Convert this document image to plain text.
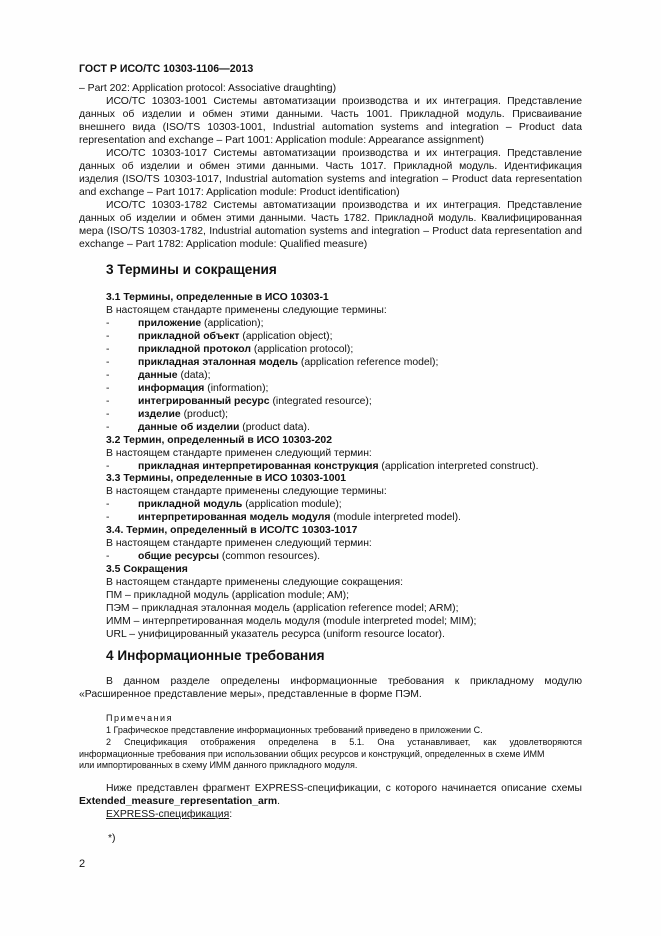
ГОСТ Р ИСО/ТС 10303-1106—2013
– Part 202: Application protocol: Associative draughting)
ИСО/ТС 10303-1001 Системы автоматизации производства и их интеграция. Представление
данных об изделии и обмен этими данными. Часть 1001. Прикладной модуль. Присваивание
внешнего вида (ISO/TS 10303-1001, Industrial automation systems and integration – Product data
representation and exchange – Part 1001: Application module: Appearance assignment)
ИСО/ТС 10303-1017 Системы автоматизации производства и их интеграция. Представление
данных об изделии и обмен этими данными. Часть 1017. Прикладной модуль. Идентификация
изделия (ISO/TS 10303-1017, Industrial automation systems and integration – Product data representation
and exchange – Part 1017: Application module: Product identification)
ИСО/ТС 10303-1782 Системы автоматизации производства и их интеграция. Представление
данных об изделии и обмен этими данными. Часть 1782. Прикладной модуль. Квалифицированная
мера (ISO/TS 10303-1782, Industrial automation systems and integration – Product data representation and
exchange – Part 1782: Application module: Qualified measure)
3 Термины и сокращения
3.1 Термины, определенные в ИСО 10303-1
В настоящем стандарте применены следующие термины:
-	приложение (application);
-	прикладной объект (application object);
-	прикладной протокол (application protocol);
-	прикладная эталонная модель (application reference model);
-	данные (data);
-	информация (information);
-	интегрированный ресурс (integrated resource);
-	изделие (product);
-	данные об изделии (product data).
3.2 Термин, определенный в ИСО 10303-202
В настоящем стандарте применен следующий термин:
-	прикладная интерпретированная конструкция (application interpreted construct).
3.3 Термины, определенные в ИСО 10303-1001
В настоящем стандарте применены следующие термины:
-	прикладной модуль (application module);
-	интерпретированная модель модуля (module interpreted model).
3.4. Термин, определенный в ИСО/ТС 10303-1017
В настоящем стандарте применен следующий термин:
-	общие ресурсы (common resources).
3.5 Сокращения
В настоящем стандарте применены следующие сокращения:
ПМ – прикладной модуль (application module; AM);
ПЭМ – прикладная эталонная модель (application reference model; ARM);
ИММ – интерпретированная модель модуля (module interpreted model; MIM);
URL – унифицированный указатель ресурса (uniform resource locator).
4 Информационные требования
В данном разделе определены информационные требования к прикладному модулю
«Расширенное представление меры», представленные в форме ПЭМ.
Примечания
1 Графическое представление информационных требований приведено в приложении С.
2 Спецификация отображения определена в 5.1. Она устанавливает, как удовлетворяются
информационные требования при использовании общих ресурсов и конструкций, определенных в схеме ИММ
или импортированных в схему ИММ данного прикладного модуля.
Ниже представлен фрагмент EXPRESS-спецификации, с которого начинается описание схемы
Extended_measure_representation_arm.
EXPRESS-спецификация:
*)
2
